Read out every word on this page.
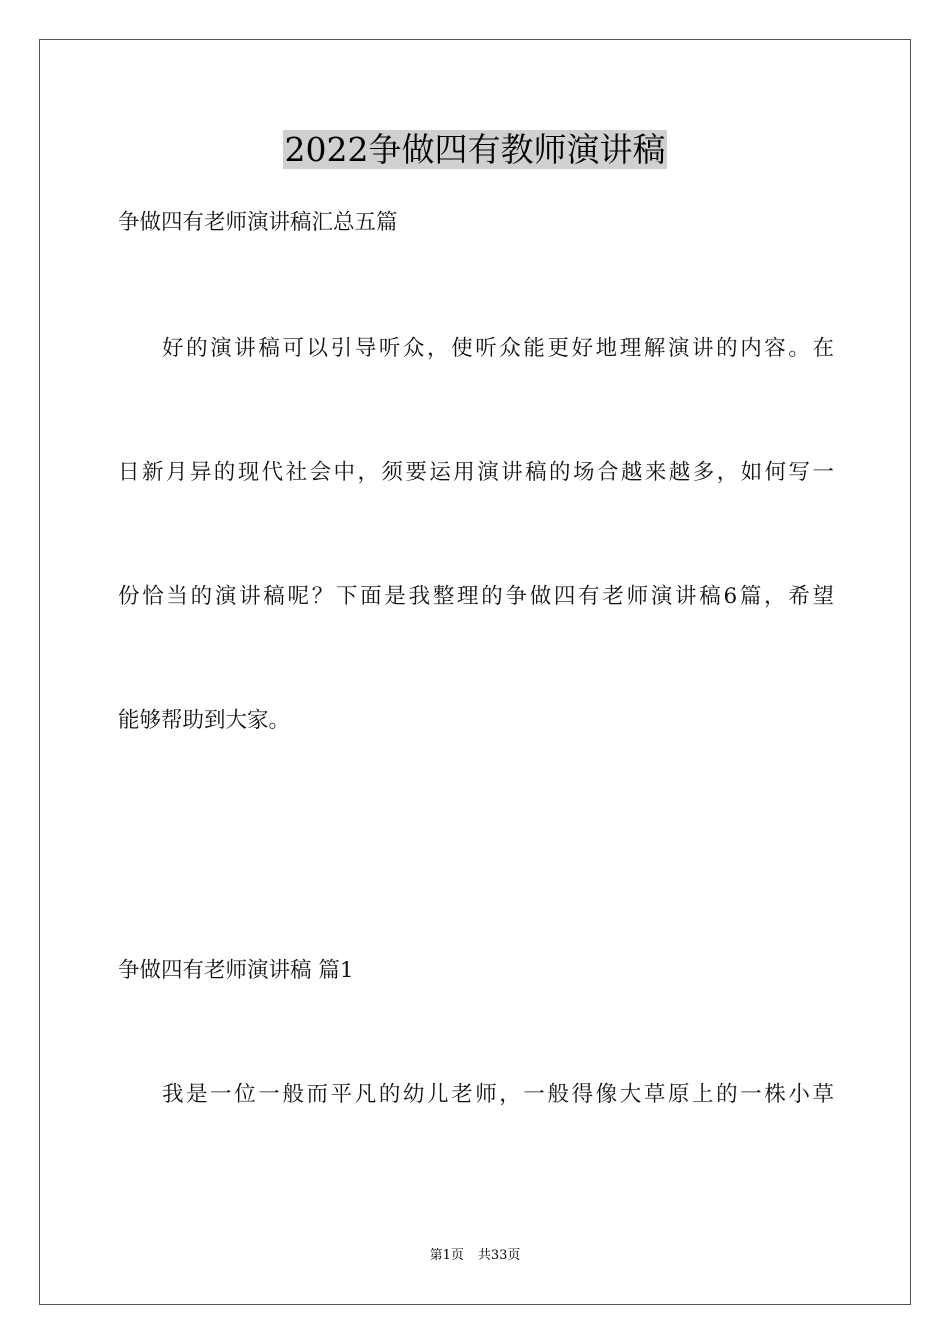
2022争做四有教师演讲稿
争做四有老师演讲稿汇总五篇
好的演讲稿可以引导听众，使听众能更好地理解演讲的内容。在
日新月异的现代社会中，须要运用演讲稿的场合越来越多，如何写一
份恰当的演讲稿呢？下面是我整理的争做四有老师演讲稿6篇，希望
能够帮助到大家。
争做四有老师演讲稿 篇1
我是一位一般而平凡的幼儿老师，一般得像大草原上的一株小草
第1页 共33页
